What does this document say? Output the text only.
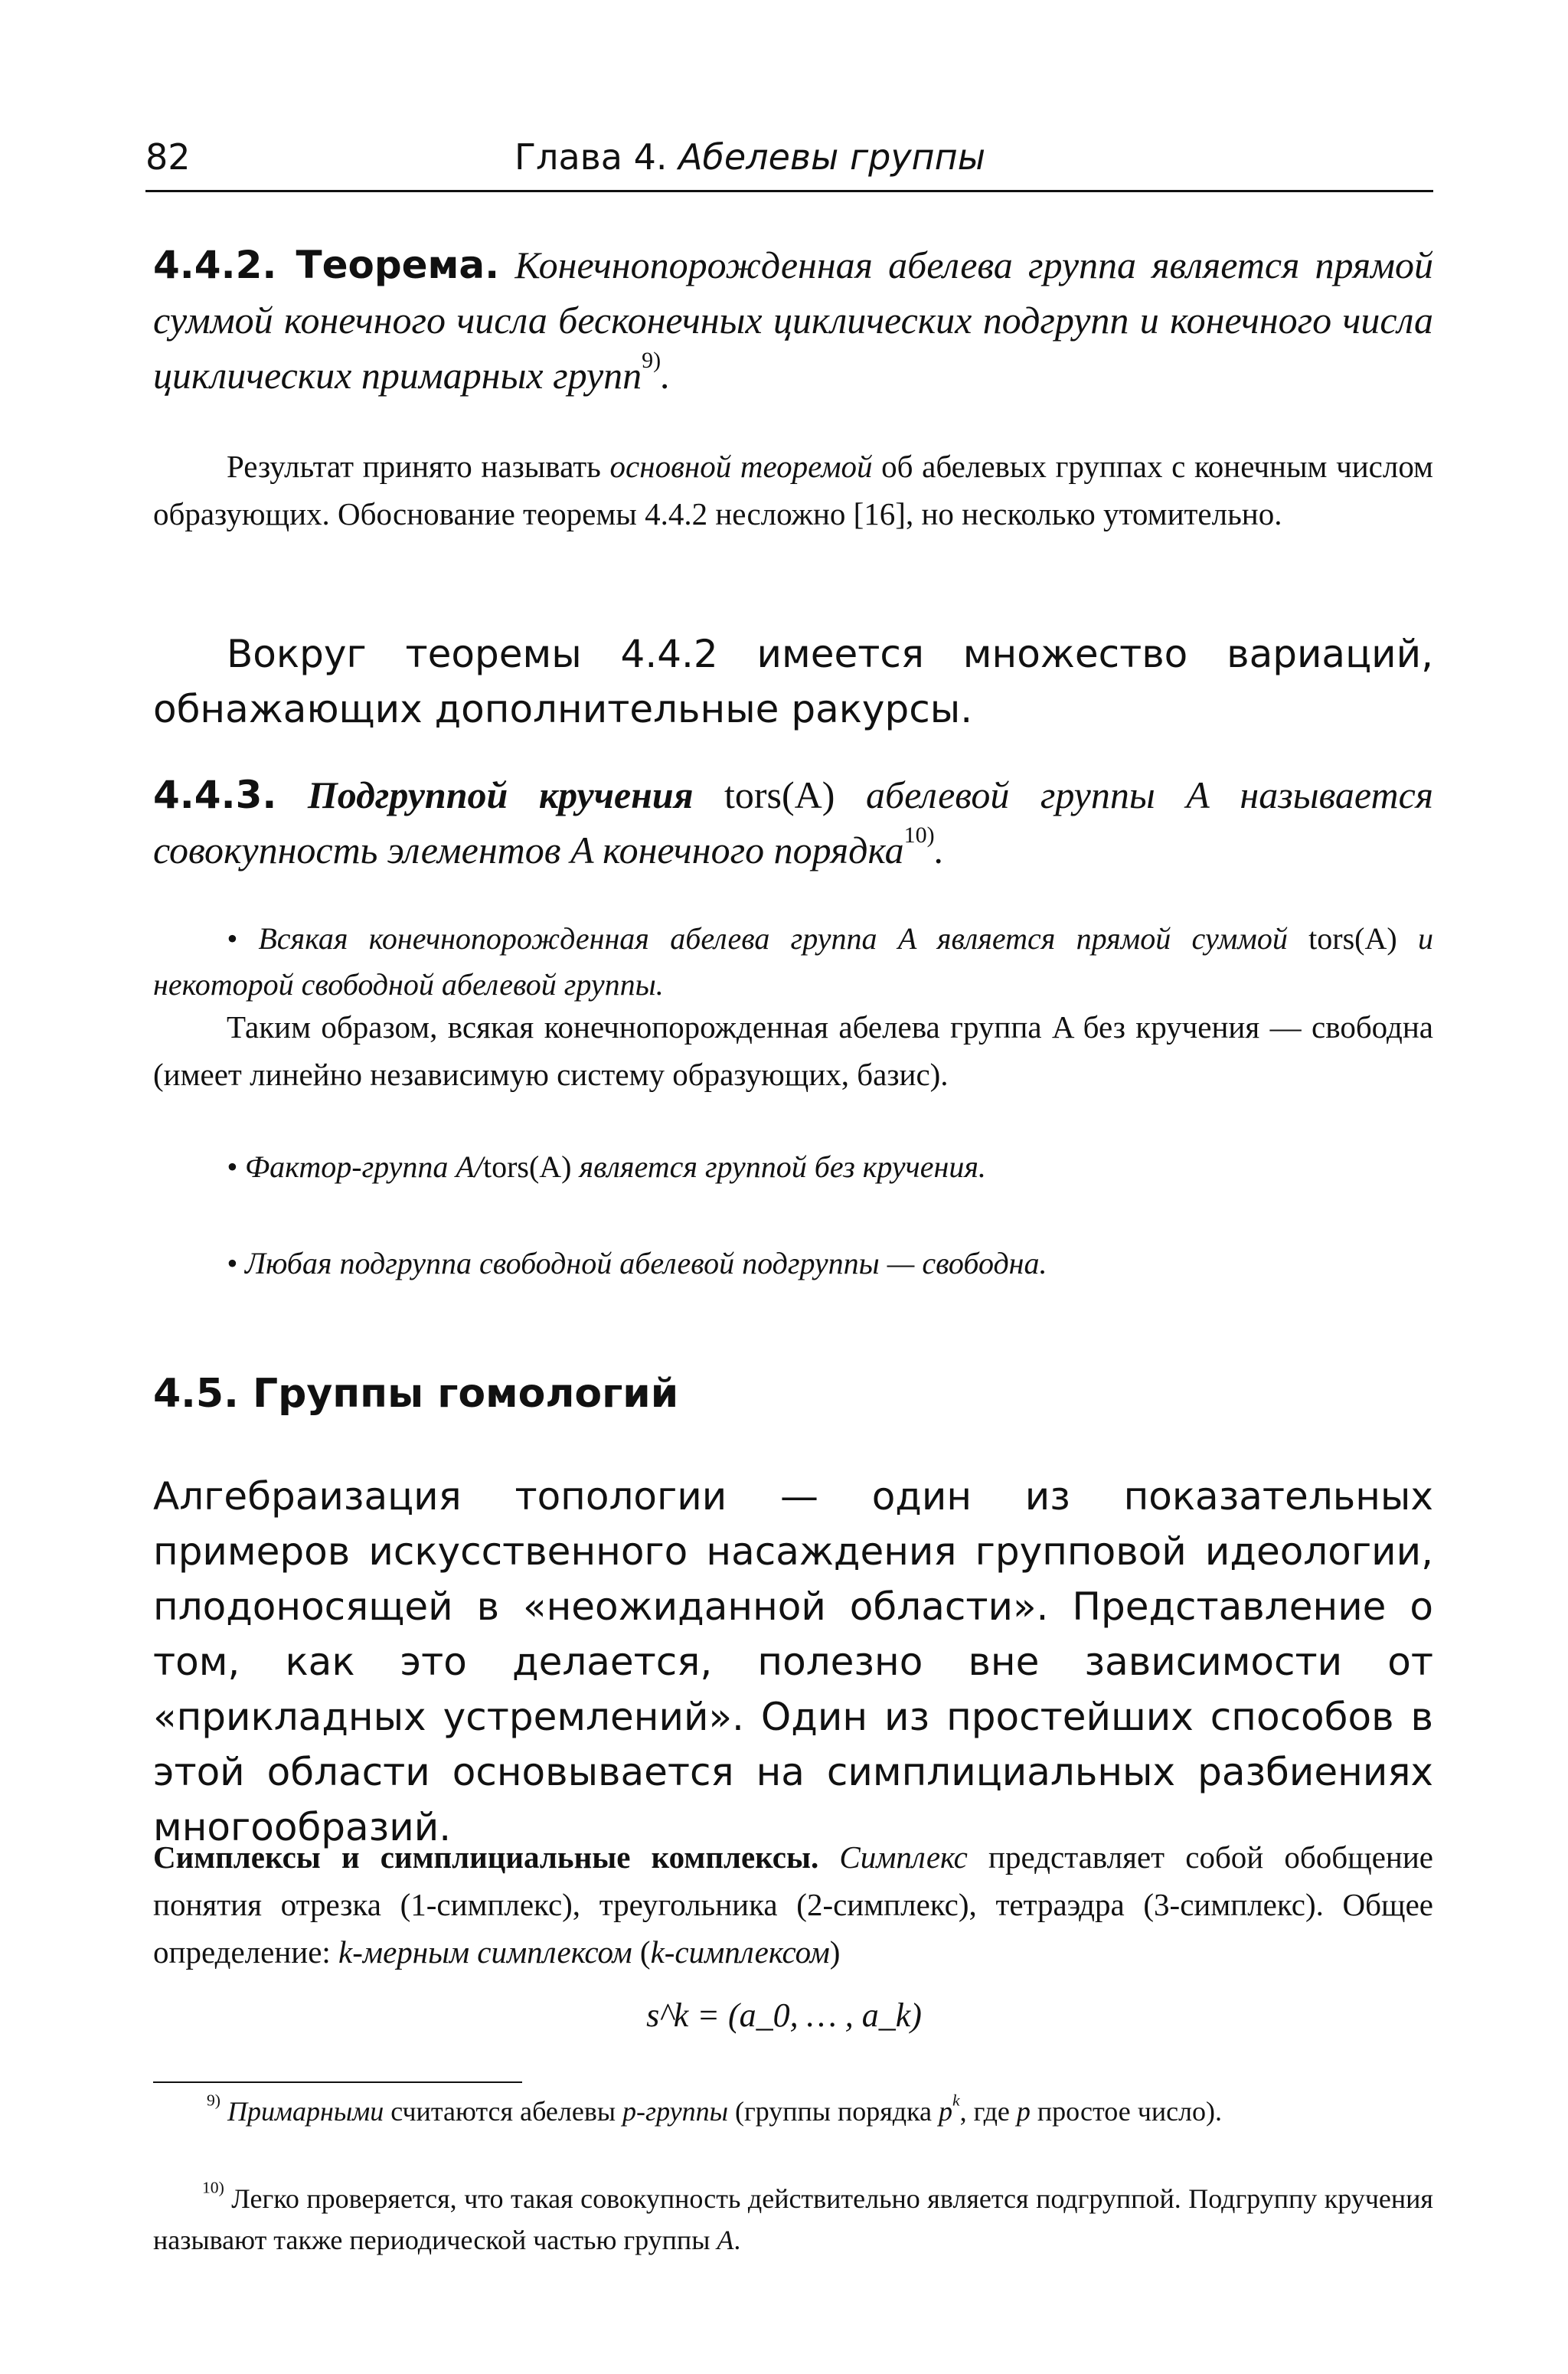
82	Глава 4. Абелевы группы
4.4.2. Теорема. Конечнопорожденная абелева группа является прямой суммой конечного числа бесконечных циклических подгрупп и конечного числа циклических примарных групп$^{9)}$.
Результат принято называть основной теоремой об абелевых группах с конечным числом образующих. Обоснование теоремы 4.4.2 несложно [16], но несколько утомительно.
Вокруг теоремы 4.4.2 имеется множество вариаций, обнажающих дополнительные ракурсы.
4.4.3. Подгруппой кручения tors(A) абелевой группы A называется совокупность элементов A конечного порядка$^{10)}$.
• Всякая конечнопорожденная абелева группа A является прямой суммой tors(A) и некоторой свободной абелевой группы.
Таким образом, всякая конечнопорожденная абелева группа A без кручения — свободна (имеет линейно независимую систему образующих, базис).
• Фактор-группа A/tors(A) является группой без кручения.
• Любая подгруппа свободной абелевой подгруппы — свободна.
4.5. Группы гомологий
Алгебраизация топологии — один из показательных примеров искусственного насаждения групповой идеологии, плодоносящей в «неожиданной области». Представление о том, как это делается, полезно вне зависимости от «прикладных устремлений». Один из простейших способов в этой области основывается на симплициальных разбиениях многообразий.
Симплексы и симплициальные комплексы. Симплекс представляет собой обобщение понятия отрезка (1-симплекс), треугольника (2-симплекс), тетраэдра (3-симплекс). Общее определение: k-мерным симплексом (k-симплексом)
s^k = (a_0, … , a_k)
$^{9)}$ Примарными считаются абелевы p-группы (группы порядка $p^k$, где p простое число).
$^{10)}$ Легко проверяется, что такая совокупность действительно является подгруппой. Подгруппу кручения называют также периодической частью группы A.
